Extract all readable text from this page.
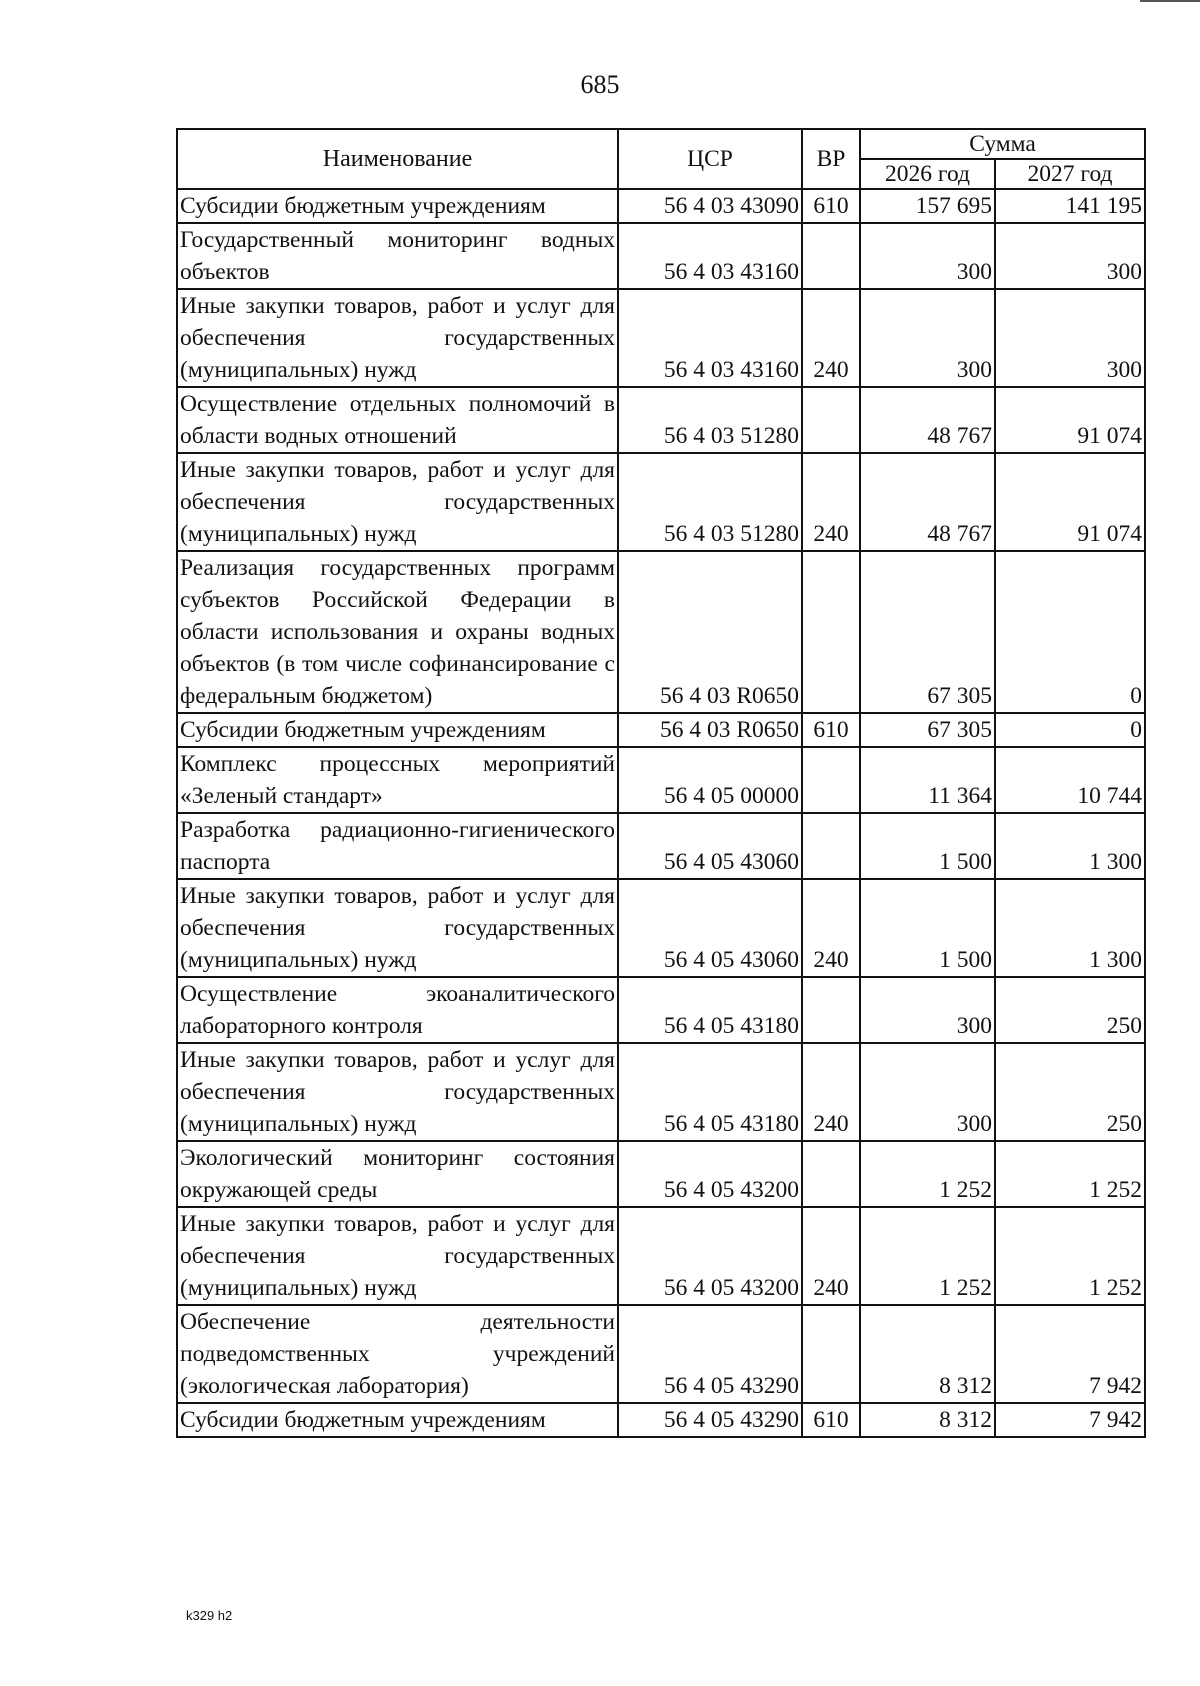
685
Наименование	ЦСР	ВР	Сумма	
			2026 год	2027 год
Субсидии бюджетным учреждениям	56 4 03 43090	610	157 695	141 195
Государственный мониторинг водных объектов	56 4 03 43160		300	300
Иные закупки товаров, работ и услуг для обеспечения государственных (муниципальных) нужд	56 4 03 43160	240	300	300
Осуществление отдельных полномочий в области водных отношений	56 4 03 51280		48 767	91 074
Иные закупки товаров, работ и услуг для обеспечения государственных (муниципальных) нужд	56 4 03 51280	240	48 767	91 074
Реализация государственных программ субъектов Российской Федерации в области использования и охраны водных объектов (в том числе софинансирование с федеральным бюджетом)	56 4 03 R0650		67 305	0
Субсидии бюджетным учреждениям	56 4 03 R0650	610	67 305	0
Комплекс процессных мероприятий «Зеленый стандарт»	56 4 05 00000		11 364	10 744
Разработка радиационно-гигиенического паспорта	56 4 05 43060		1 500	1 300
Иные закупки товаров, работ и услуг для обеспечения государственных (муниципальных) нужд	56 4 05 43060	240	1 500	1 300
Осуществление экоаналитического лабораторного контроля	56 4 05 43180		300	250
Иные закупки товаров, работ и услуг для обеспечения государственных (муниципальных) нужд	56 4 05 43180	240	300	250
Экологический мониторинг состояния окружающей среды	56 4 05 43200		1 252	1 252
Иные закупки товаров, работ и услуг для обеспечения государственных (муниципальных) нужд	56 4 05 43200	240	1 252	1 252
Обеспечение деятельности подведомственных учреждений (экологическая лаборатория)	56 4 05 43290		8 312	7 942
Субсидии бюджетным учреждениям	56 4 05 43290	610	8 312	7 942
k329 h2
